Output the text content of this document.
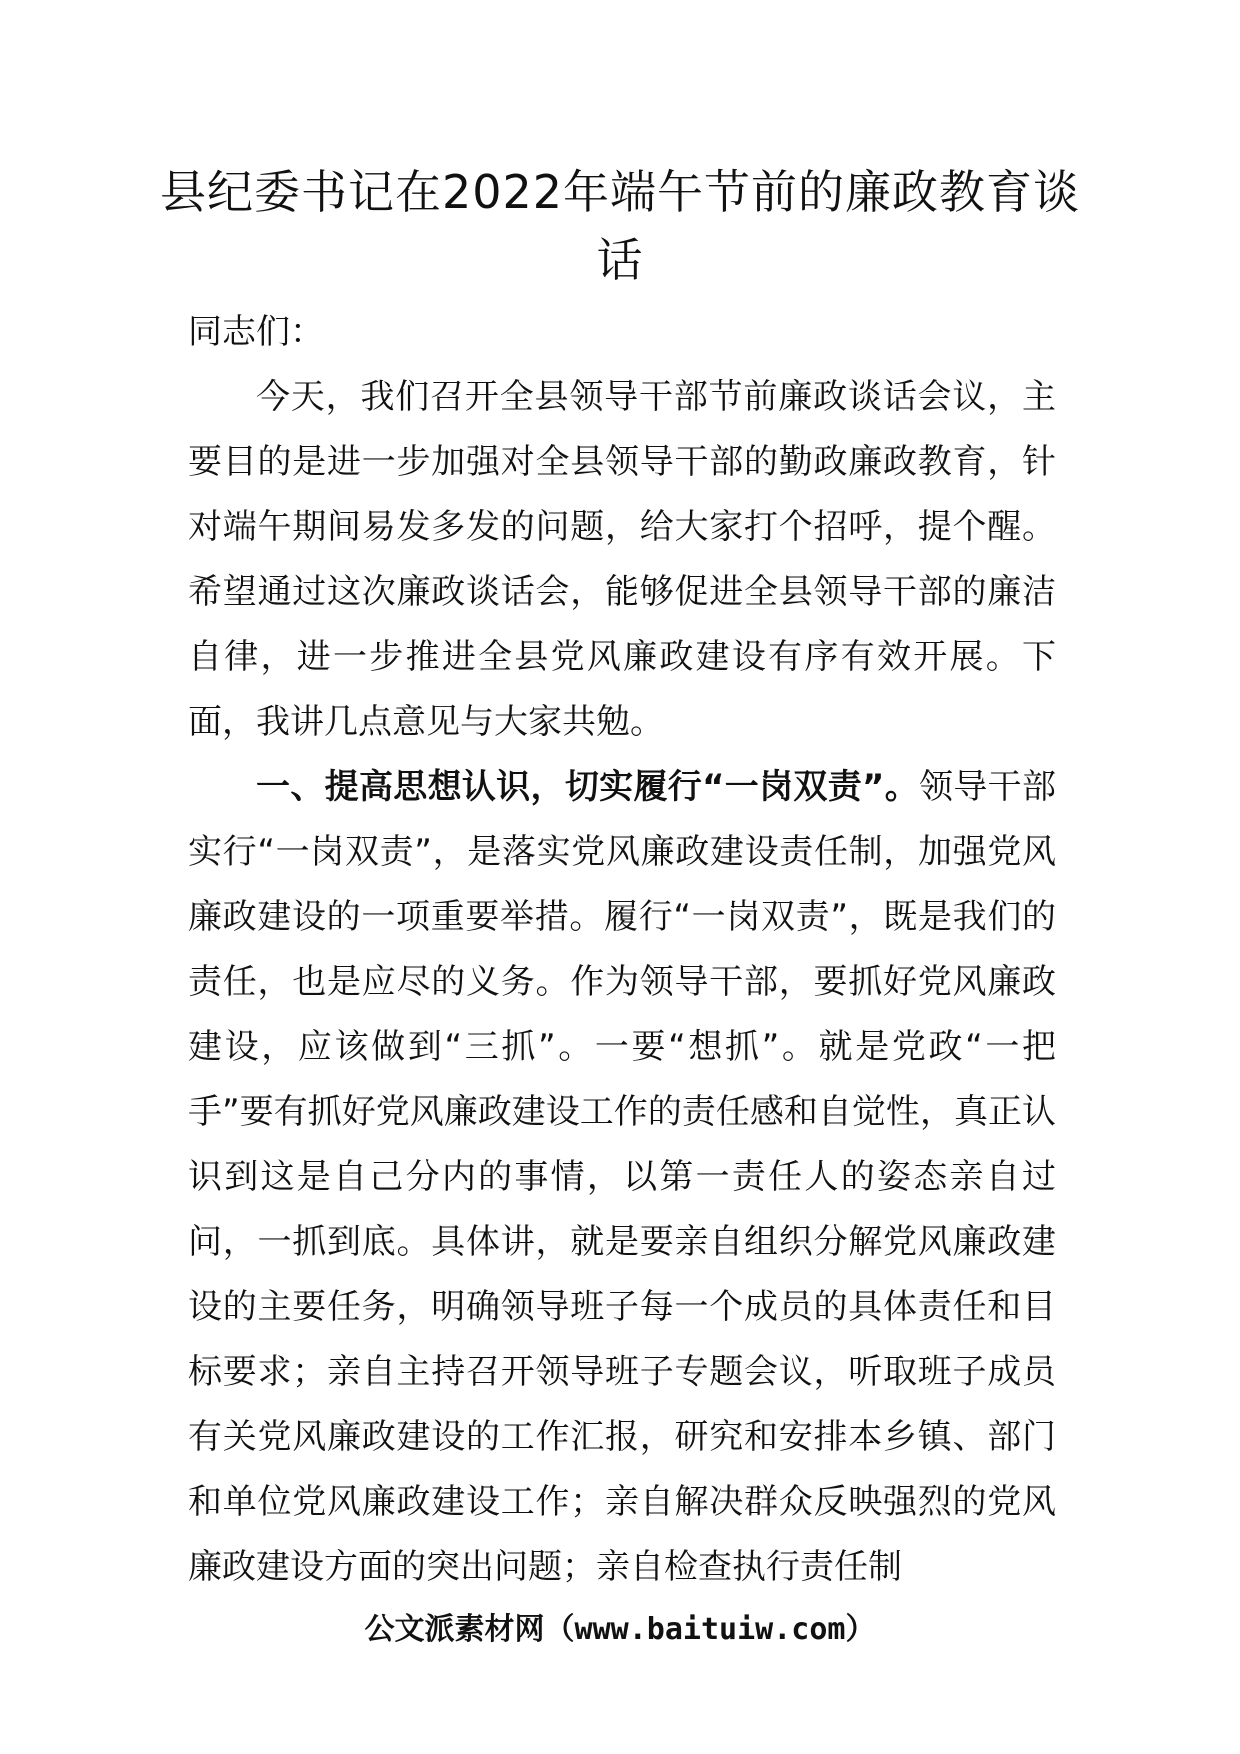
县纪委书记在2022年端午节前的廉政教育谈话

同志们：

今天，我们召开全县领导干部节前廉政谈话会议，主要目的是进一步加强对全县领导干部的勤政廉政教育，针对端午期间易发多发的问题，给大家打个招呼，提个醒。希望通过这次廉政谈话会，能够促进全县领导干部的廉洁自律，进一步推进全县党风廉政建设有序有效开展。下面，我讲几点意见与大家共勉。

一、提高思想认识，切实履行“一岗双责”。领导干部实行“一岗双责”，是落实党风廉政建设责任制，加强党风廉政建设的一项重要举措。履行“一岗双责”，既是我们的责任，也是应尽的义务。作为领导干部，要抓好党风廉政建设，应该做到“三抓”。一要“想抓”。就是党政“一把手”要有抓好党风廉政建设工作的责任感和自觉性，真正认识到这是自己分内的事情，以第一责任人的姿态亲自过问，一抓到底。具体讲，就是要亲自组织分解党风廉政建设的主要任务，明确领导班子每一个成员的具体责任和目标要求；亲自主持召开领导班子专题会议，听取班子成员有关党风廉政建设的工作汇报，研究和安排本乡镇、部门和单位党风廉政建设工作；亲自解决群众反映强烈的党风廉政建设方面的突出问题；亲自检查执行责任制

公文派素材网（www.baituiw.com）
